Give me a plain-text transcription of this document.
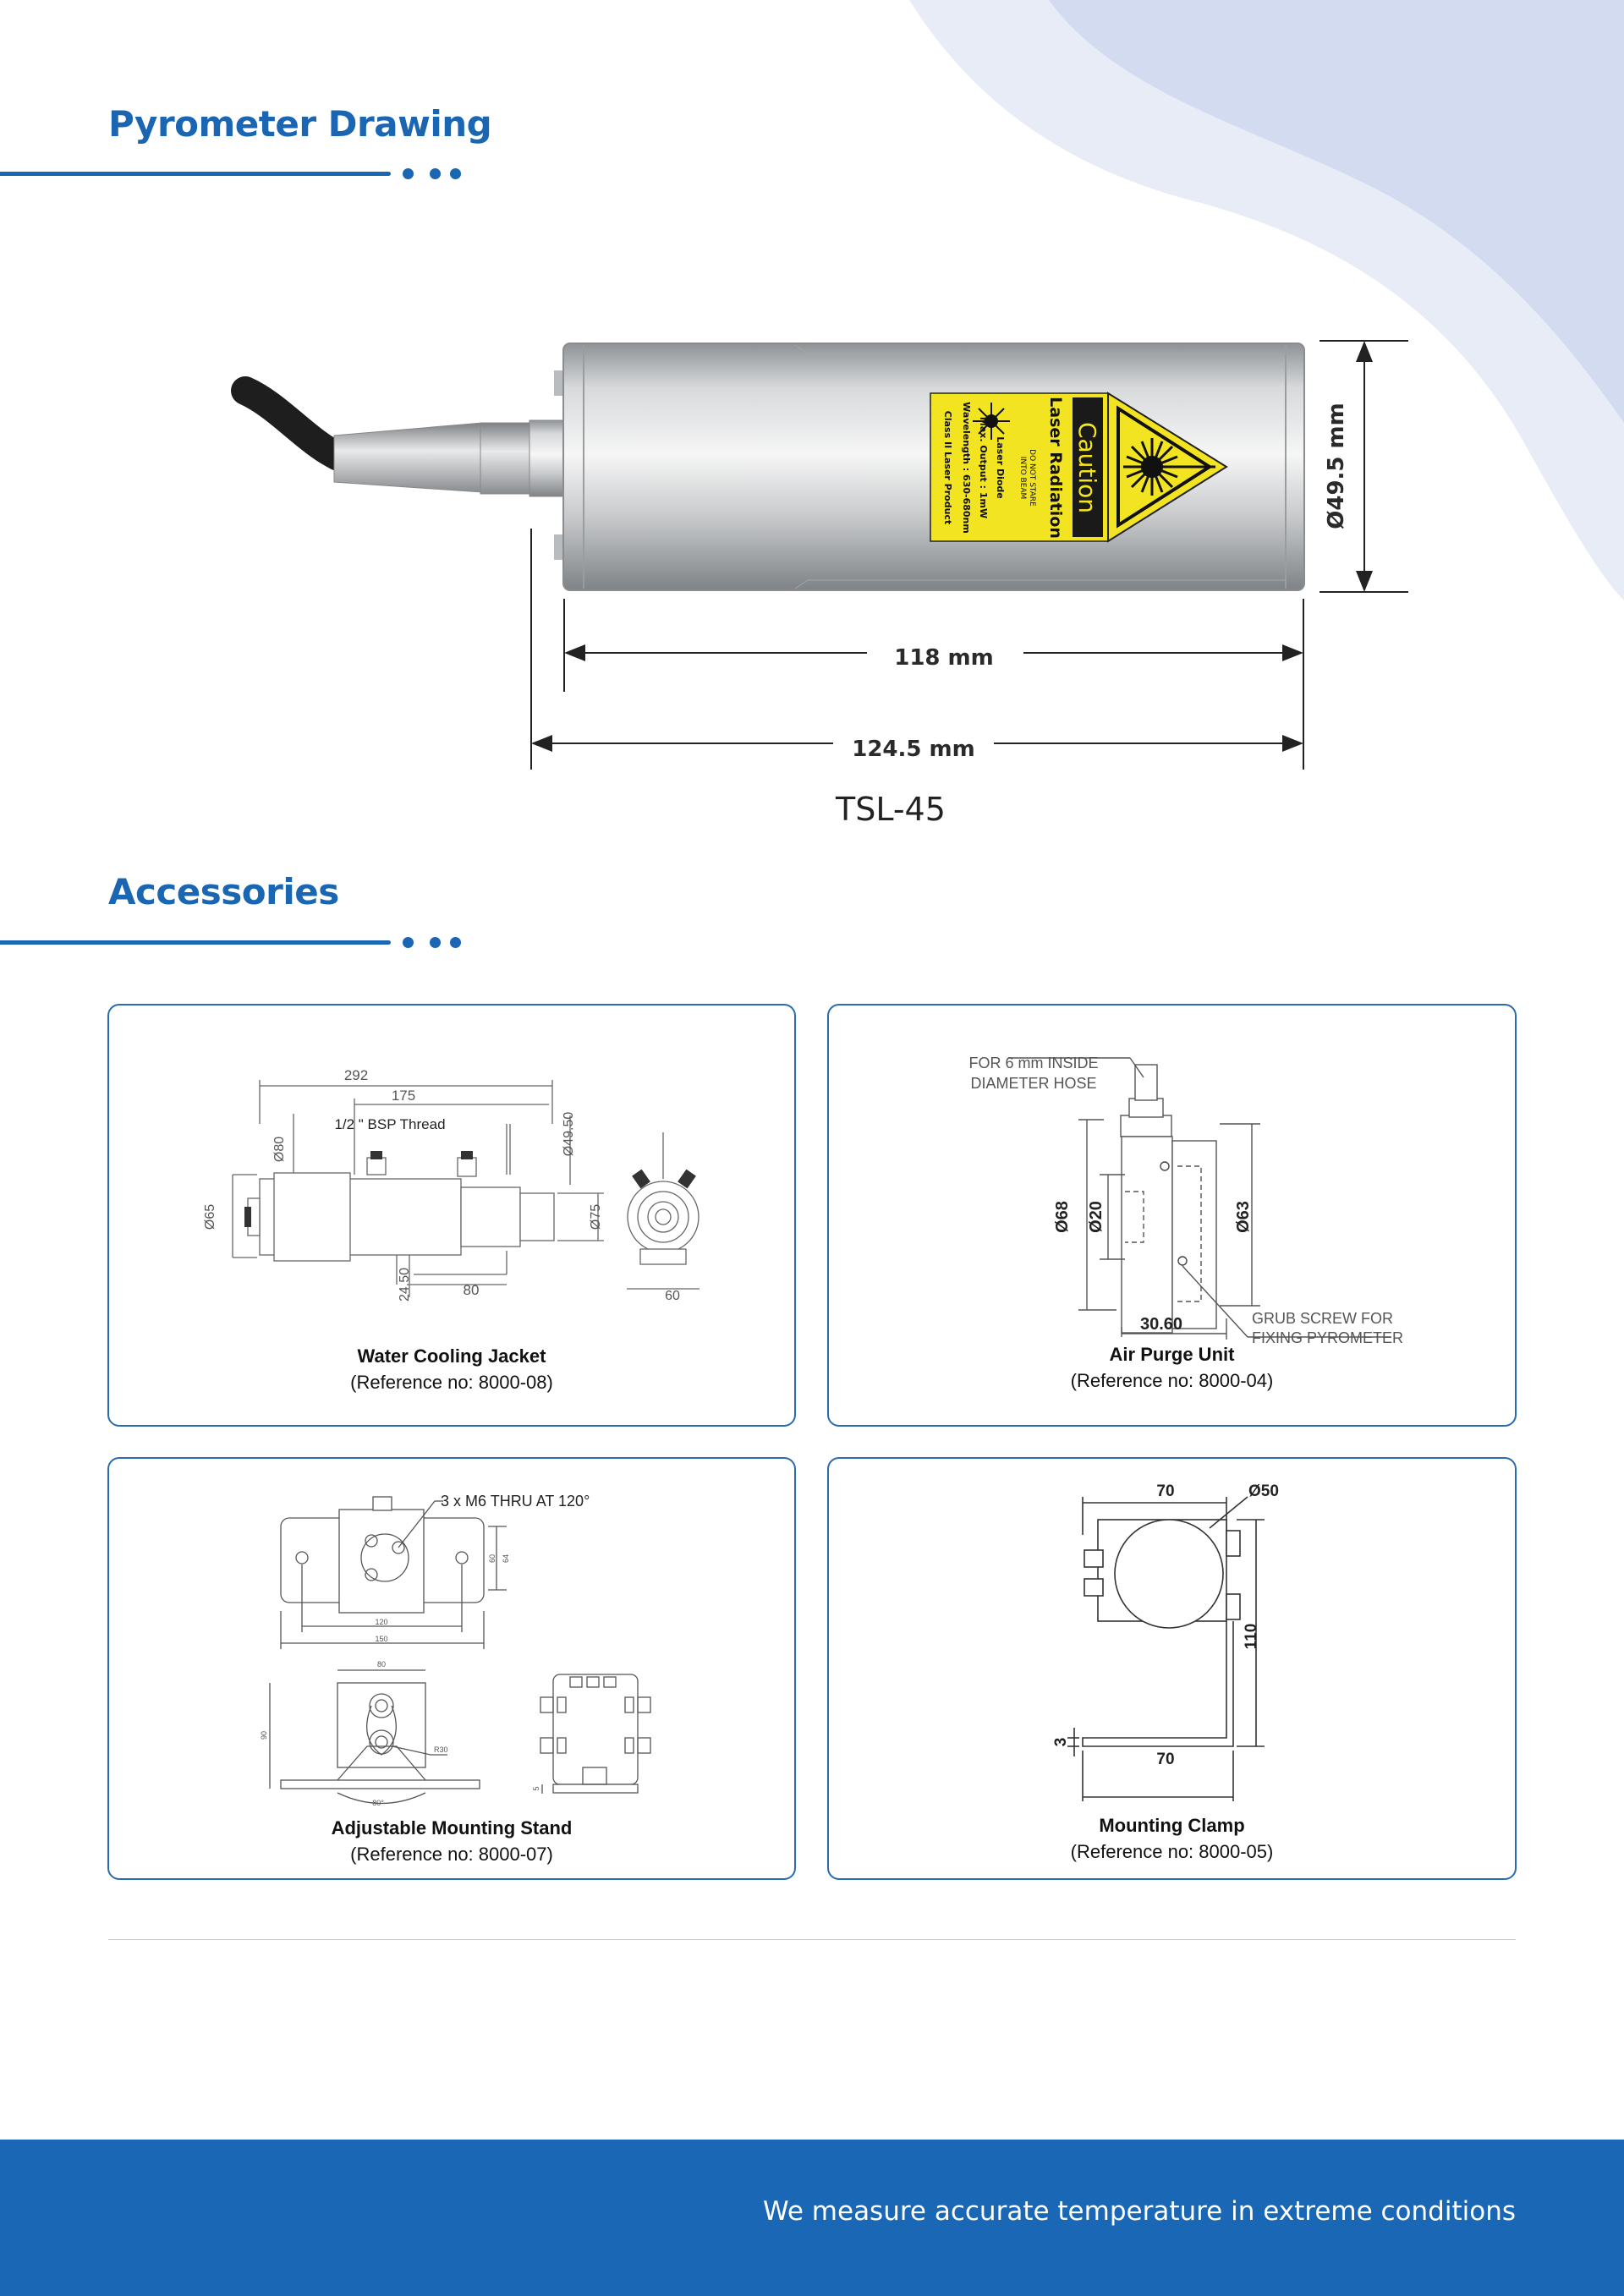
Pyrometer Drawing
Caution
Laser Radiation
DO NOT STARE
INTO BEAM
Laser Diode
Max. Output : 1mW
Wavelength : 630-680nm
Class II Laser Product	Ø49.5 mm
118 mm
124.5 mm
TSL-45
Accessories
292
175
1/2 " BSP Thread
Ø80	Ø49.50
Ø65	Ø75
24.50	80	60
Water Cooling Jacket
(Reference no: 8000-08)
FOR 6 mm INSIDE
DIAMETER HOSE
Ø68 Ø20	Ø63
30.60	GRUB SCREW FOR
FIXING PYROMETER
Air Purge Unit
(Reference no: 8000-04)
3 x M6 THRU AT 120°
120
150
60 64
80
90
R30
80°
5
Adjustable Mounting Stand
(Reference no: 8000-07)
70	Ø50
110
3
70
Mounting Clamp
(Reference no: 8000-05)
We measure accurate temperature in extreme conditions
